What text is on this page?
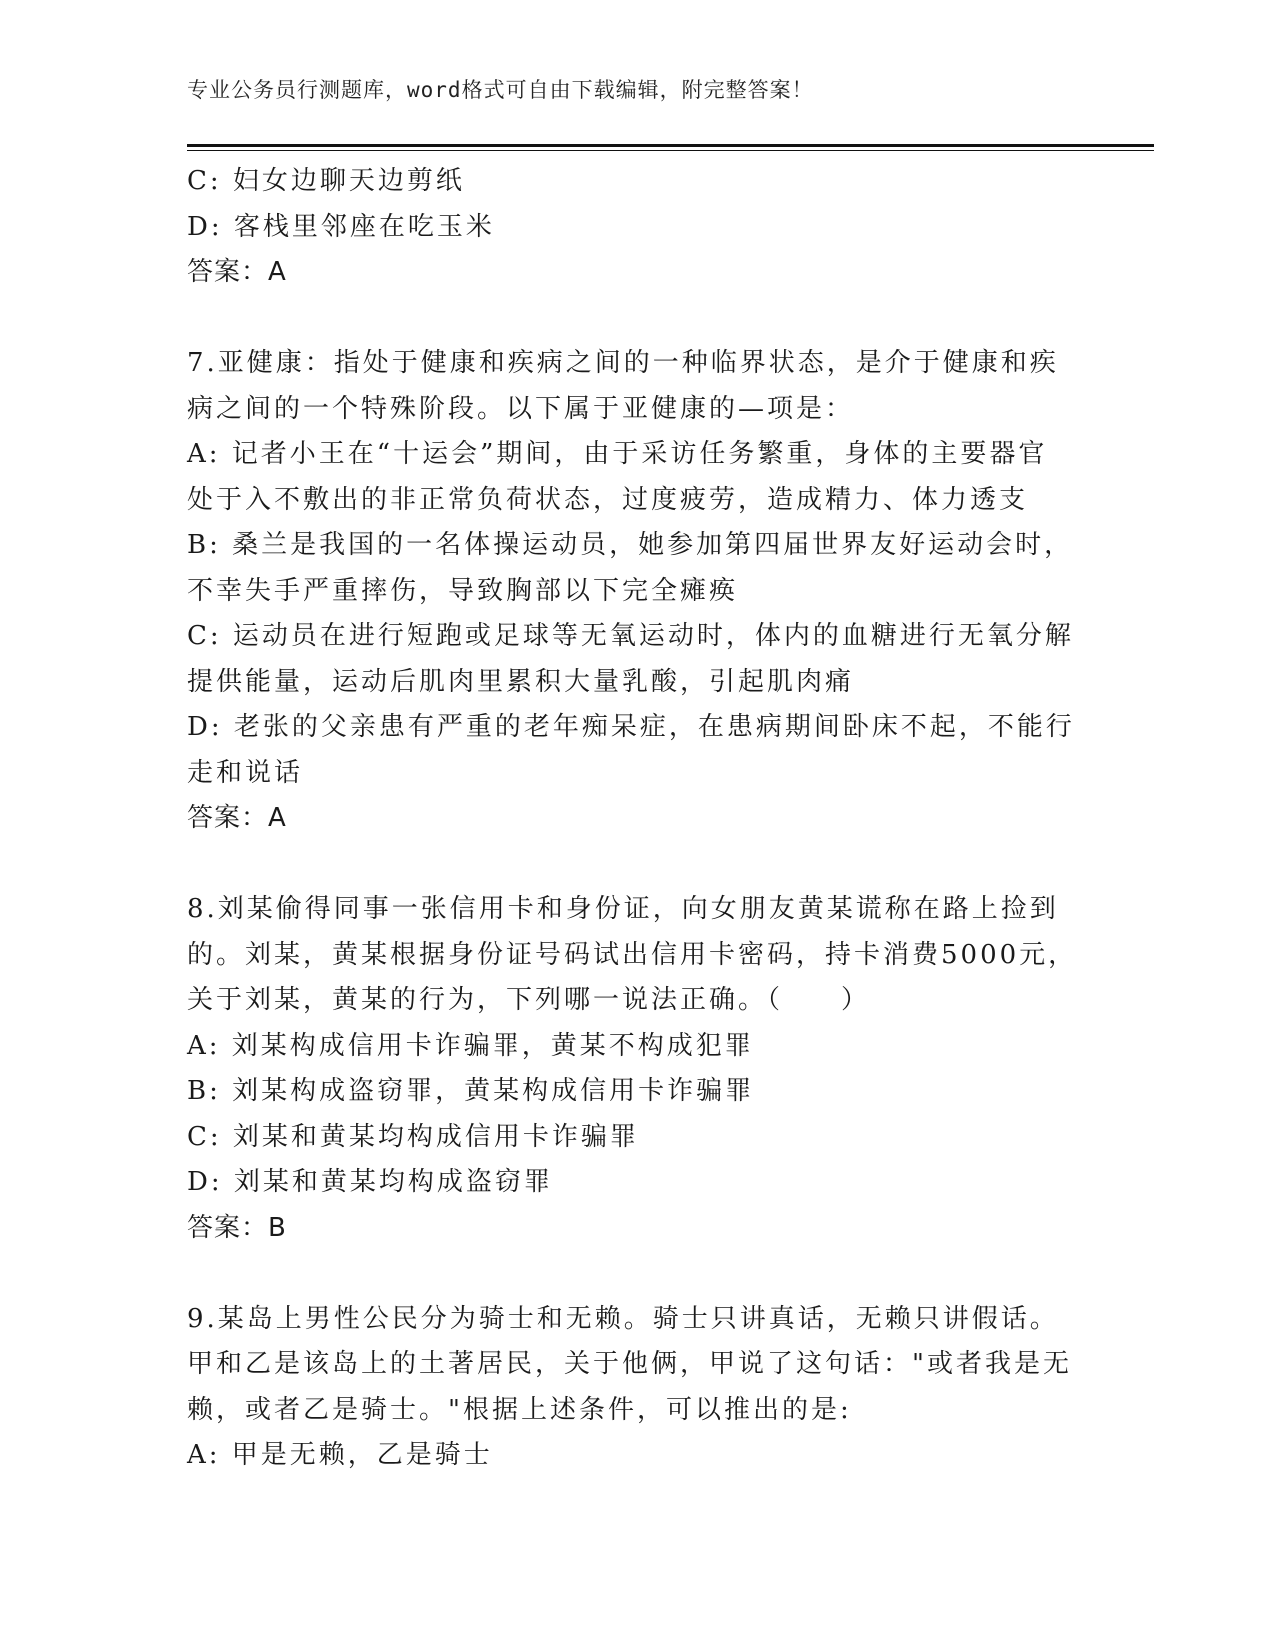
专业公务员行测题库，word格式可自由下载编辑，附完整答案！
C: 妇女边聊天边剪纸
D: 客栈里邻座在吃玉米
答案：A
7.亚健康：指处于健康和疾病之间的一种临界状态，是介于健康和疾
病之间的一个特殊阶段。以下属于亚健康的—项是：
A: 记者小王在“十运会”期间，由于采访任务繁重，身体的主要器官
处于入不敷出的非正常负荷状态，过度疲劳，造成精力、体力透支
B: 桑兰是我国的一名体操运动员，她参加第四届世界友好运动会时，
不幸失手严重摔伤，导致胸部以下完全瘫痪
C: 运动员在进行短跑或足球等无氧运动时，体内的血糖进行无氧分解
提供能量，运动后肌肉里累积大量乳酸，引起肌肉痛
D: 老张的父亲患有严重的老年痴呆症，在患病期间卧床不起，不能行
走和说话
答案：A
8.刘某偷得同事一张信用卡和身份证，向女朋友黄某谎称在路上捡到
的。刘某，黄某根据身份证号码试出信用卡密码，持卡消费5000元，
关于刘某，黄某的行为，下列哪一说法正确。（　　）
A: 刘某构成信用卡诈骗罪，黄某不构成犯罪
B: 刘某构成盗窃罪，黄某构成信用卡诈骗罪
C: 刘某和黄某均构成信用卡诈骗罪
D: 刘某和黄某均构成盗窃罪
答案：B
9.某岛上男性公民分为骑士和无赖。骑士只讲真话，无赖只讲假话。
甲和乙是该岛上的土著居民，关于他俩，甲说了这句话："或者我是无
赖，或者乙是骑士。"根据上述条件，可以推出的是:
A: 甲是无赖，乙是骑士
